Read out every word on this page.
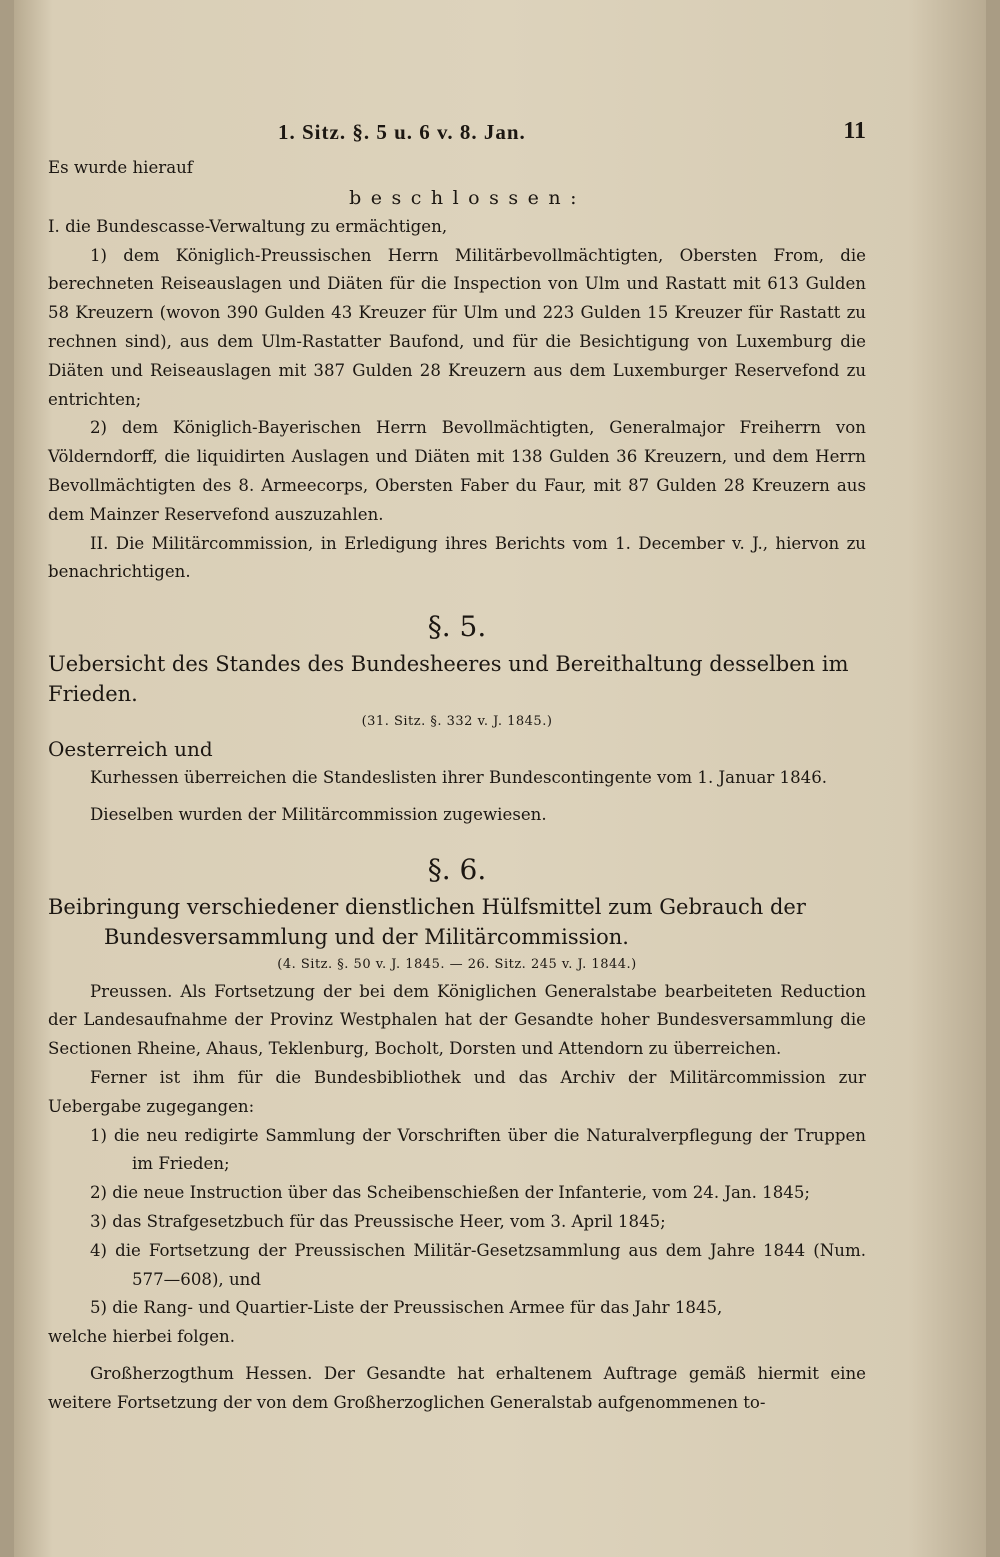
1. Sitz. §. 5 u. 6 v. 8. Jan.	11

Es wurde hierauf

beschlossen:

I. die Bundescasse-Verwaltung zu ermächtigen,

1) dem Königlich-Preussischen Herrn Militärbevollmächtigten, Obersten From, die berechneten Reiseauslagen und Diäten für die Inspection von Ulm und Rastatt mit 613 Gulden 58 Kreuzern (wovon 390 Gulden 43 Kreuzer für Ulm und 223 Gulden 15 Kreuzer für Rastatt zu rechnen sind), aus dem Ulm-Rastatter Baufond, und für die Besichtigung von Luxemburg die Diäten und Reiseauslagen mit 387 Gulden 28 Kreuzern aus dem Luxemburger Reservefond zu entrichten;

2) dem Königlich-Bayerischen Herrn Bevollmächtigten, Generalmajor Freiherrn von Völderndorff, die liquidirten Auslagen und Diäten mit 138 Gulden 36 Kreuzern, und dem Herrn Bevollmächtigten des 8. Armeecorps, Obersten Faber du Faur, mit 87 Gulden 28 Kreuzern aus dem Mainzer Reservefond auszuzahlen.

II. Die Militärcommission, in Erledigung ihres Berichts vom 1. December v. J., hiervon zu benachrichtigen.

§. 5.

Uebersicht des Standes des Bundesheeres und Bereithaltung desselben im Frieden.

(31. Sitz. §. 332 v. J. 1845.)

Oesterreich und

Kurhessen überreichen die Standeslisten ihrer Bundescontingente vom 1. Januar 1846.

Dieselben wurden der Militärcommission zugewiesen.

§. 6.

Beibringung verschiedener dienstlichen Hülfsmittel zum Gebrauch der Bundesversammlung und der Militärcommission.

(4. Sitz. §. 50 v. J. 1845. — 26. Sitz. 245 v. J. 1844.)

Preussen. Als Fortsetzung der bei dem Königlichen Generalstabe bearbeiteten Reduction der Landesaufnahme der Provinz Westphalen hat der Gesandte hoher Bundesversammlung die Sectionen Rheine, Ahaus, Teklenburg, Bocholt, Dorsten und Attendorn zu überreichen.

Ferner ist ihm für die Bundesbibliothek und das Archiv der Militärcommission zur Uebergabe zugegangen:

1) die neu redigirte Sammlung der Vorschriften über die Naturalverpflegung der Truppen im Frieden;

2) die neue Instruction über das Scheibenschießen der Infanterie, vom 24. Jan. 1845;

3) das Strafgesetzbuch für das Preussische Heer, vom 3. April 1845;

4) die Fortsetzung der Preussischen Militär-Gesetzsammlung aus dem Jahre 1844 (Num. 577—608), und

5) die Rang- und Quartier-Liste der Preussischen Armee für das Jahr 1845,

welche hierbei folgen.

Großherzogthum Hessen. Der Gesandte hat erhaltenem Auftrage gemäß hiermit eine weitere Fortsetzung der von dem Großherzoglichen Generalstab aufgenommenen to-
